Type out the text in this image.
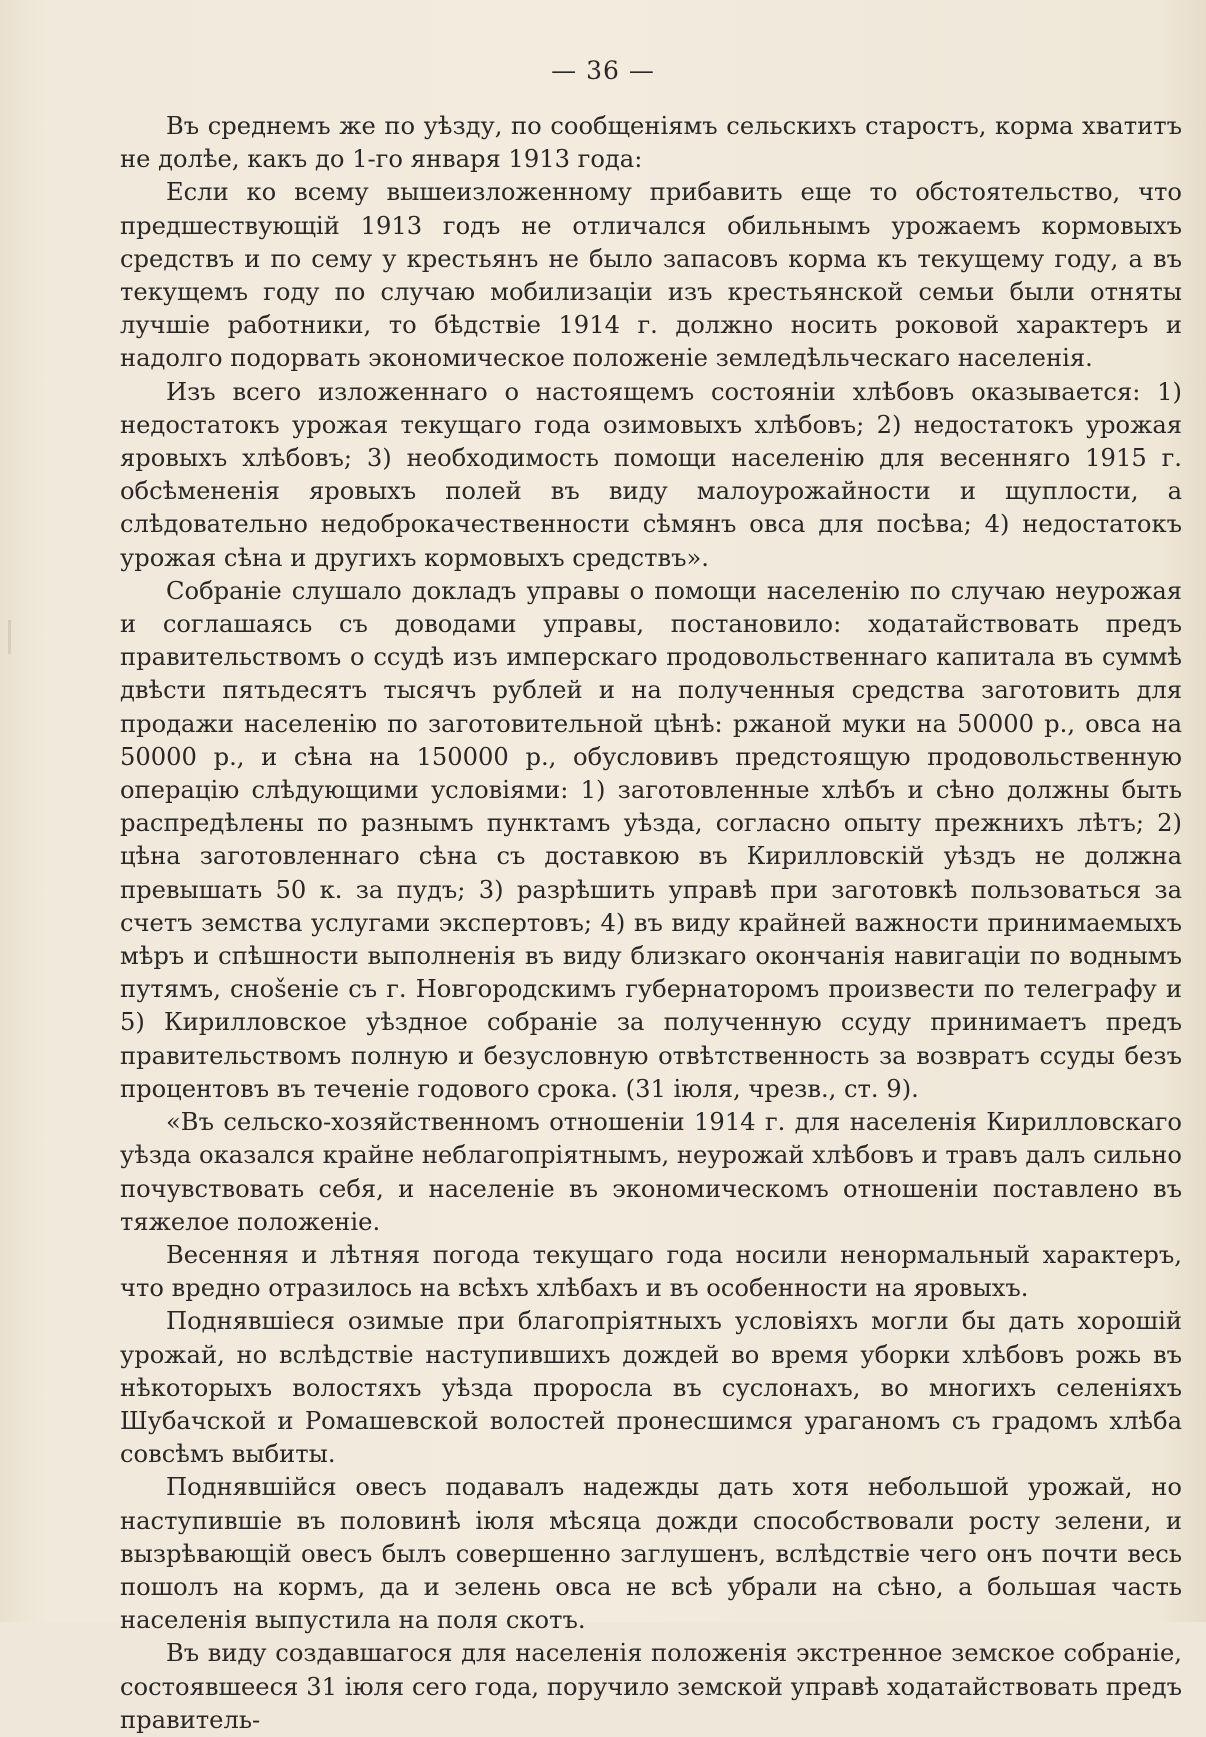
— 36 —

Въ среднемъ же по уѣзду, по сообщеніямъ сельскихъ старостъ, корма хватитъ не долѣе, какъ до 1-го января 1913 года:

Если ко всему вышеизложенному прибавить еще то обстоятельство, что предшествующій 1913 годъ не отличался обильнымъ урожаемъ кормовыхъ средствъ и по сему у крестьянъ не было запасовъ корма къ текущему году, а въ текущемъ году по случаю мобилизаціи изъ крестьянской семьи были отняты лучшіе работники, то бѣдствіе 1914 г. должно носить роковой характеръ и надолго подорвать экономическое положеніе земледѣльческаго населенія.

Изъ всего изложеннаго о настоящемъ состояніи хлѣбовъ оказывается: 1) недостатокъ урожая текущаго года озимовыхъ хлѣбовъ; 2) недостатокъ урожая яровыхъ хлѣбовъ; 3) необходимость помощи населенію для весенняго 1915 г. обсѣмененія яровыхъ полей въ виду малоурожайности и щуплости, а слѣдовательно недоброкачественности сѣмянъ овса для посѣва; 4) недостатокъ урожая сѣна и другихъ кормовыхъ средствъ».

Собраніе слушало докладъ управы о помощи населенію по случаю неурожая и соглашаясь съ доводами управы, постановило: ходатайствовать предъ правительствомъ о ссудѣ изъ имперскаго продовольственнаго капитала въ суммѣ двѣсти пятьдесятъ тысячъ рублей и на полученныя средства заготовить для продажи населенію по заготовительной цѣнѣ: ржаной муки на 50000 р., овса на 50000 р., и сѣна на 150000 р., обусловивъ предстоящую продовольственную операцію слѣдующими условіями: 1) заготовленные хлѣбъ и сѣно должны быть распредѣлены по разнымъ пунктамъ уѣзда, согласно опыту прежнихъ лѣтъ; 2) цѣна заготовленнаго сѣна съ доставкою въ Кирилловскій уѣздъ не должна превышать 50 к. за пудъ; 3) разрѣшить управѣ при заготовкѣ пользоваться за счетъ земства услугами экспертовъ; 4) въ виду крайней важности принимаемыхъ мѣръ и спѣшности выполненія въ виду близкаго окончанія навигаціи по воднымъ путямъ, снošеніе съ г. Новгородскимъ губернаторомъ произвести по телеграфу и 5) Кирилловское уѣздное собраніе за полученную ссуду принимаетъ предъ правительствомъ полную и безусловную отвѣтственность за возвратъ ссуды безъ процентовъ въ теченіе годового срока. (31 іюля, чрезв., ст. 9).

«Въ сельско-хозяйственномъ отношеніи 1914 г. для населенія Кирилловскаго уѣзда оказался крайне неблагопріятнымъ, неурожай хлѣбовъ и травъ далъ сильно почувствовать себя, и населеніе въ экономическомъ отношеніи поставлено въ тяжелое положеніе.

Весенняя и лѣтняя погода текущаго года носили ненормальный характеръ, что вредно отразилось на всѣхъ хлѣбахъ и въ особенности на яровыхъ.

Поднявшіеся озимые при благопріятныхъ условіяхъ могли бы дать хорошій урожай, но вслѣдствіе наступившихъ дождей во время уборки хлѣбовъ рожь въ нѣкоторыхъ волостяхъ уѣзда проросла въ суслонахъ, во многихъ селеніяхъ Шубачской и Ромашевской волостей пронесшимся ураганомъ съ градомъ хлѣба совсѣмъ выбиты.

Поднявшійся овесъ подавалъ надежды дать хотя небольшой урожай, но наступившіе въ половинѣ іюля мѣсяца дожди способствовали росту зелени, и вызрѣвающій овесъ былъ совершенно заглушенъ, вслѣдствіе чего онъ почти весь пошолъ на кормъ, да и зелень овса не всѣ убрали на сѣно, а большая часть населенія выпустила на поля скотъ.

Въ виду создавшагося для населенія положенія экстренное земское собраніе, состоявшееся 31 іюля сего года, поручило земской управѣ ходатайствовать предъ правитель-
